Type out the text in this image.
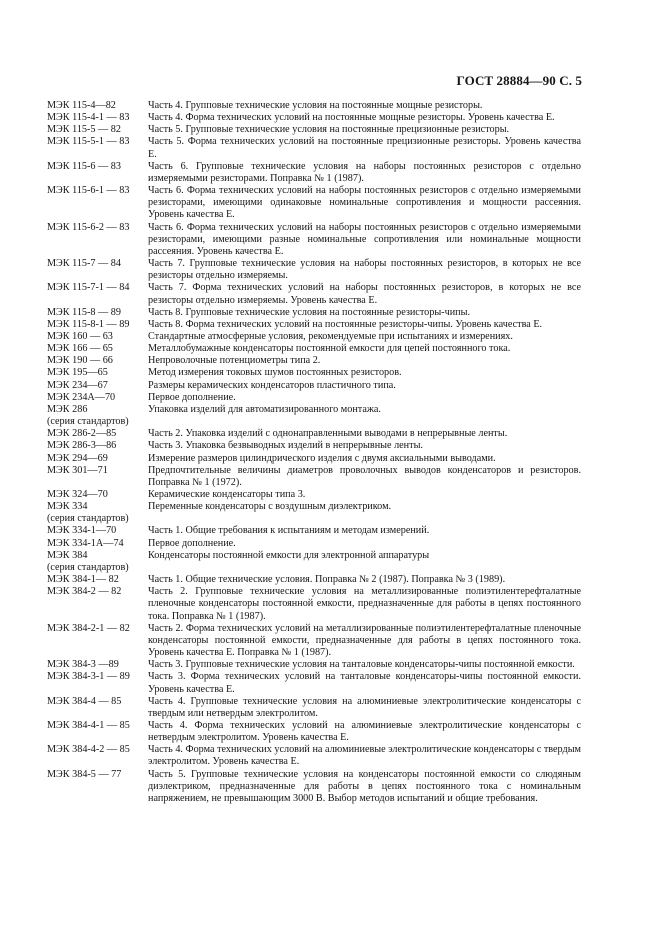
ГОСТ 28884—90 С. 5
МЭК 115-4—82	Часть 4. Групповые технические условия на постоянные мощные резисторы.
МЭК 115-4-1 — 83	Часть 4. Форма технических условий на постоянные мощные резисторы. Уровень качества Е.
МЭК 115-5 — 82	Часть 5. Групповые технические условия на постоянные прецизионные резисторы.
МЭК 115-5-1 — 83	Часть 5. Форма технических условий на постоянные прецизионные резисторы. Уровень качества Е.
МЭК 115-6 — 83	Часть 6. Групповые технические условия на наборы постоянных резисторов с отдельно измеряемыми резисторами. Поправка № 1 (1987).
МЭК 115-6-1 — 83	Часть 6. Форма технических условий на наборы постоянных резисторов с отдельно измеряемыми резисторами, имеющими одинаковые номинальные сопротивления и мощности рассеяния. Уровень качества Е.
МЭК 115-6-2 — 83	Часть 6. Форма технических условий на наборы постоянных резисторов с отдельно измеряемыми резисторами, имеющими разные номинальные сопротивления или номинальные мощности рассеяния. Уровень качества Е.
МЭК 115-7 — 84	Часть 7. Групповые технические условия на наборы постоянных резисторов, в которых не все резисторы отдельно измеряемы.
МЭК 115-7-1 — 84	Часть 7. Форма технических условий на наборы постоянных резисторов, в которых не все резисторы отдельно измеряемы. Уровень качества Е.
МЭК 115-8 — 89	Часть 8. Групповые технические условия на постоянные резисторы-чипы.
МЭК 115-8-1 — 89	Часть 8. Форма технических условий на постоянные резисторы-чипы. Уровень качества Е.
МЭК 160 — 63	Стандартные атмосферные условия, рекомендуемые при испытаниях и измерениях.
МЭК 166 — 65	Металлобумажные конденсаторы постоянной емкости для цепей постоянного тока.
МЭК 190 — 66	Непроволочные потенциометры типа 2.
МЭК 195—65	Метод измерения токовых шумов постоянных резисторов.
МЭК 234—67	Размеры керамических конденсаторов пластичного типа.
МЭК 234А—70	Первое дополнение.
МЭК 286	Упаковка изделий для автоматизированного монтажа.
(серия стандартов)
МЭК 286-2—85	Часть 2. Упаковка изделий с однонаправленными выводами в непрерывные ленты.
МЭК 286-3—86	Часть 3. Упаковка безвыводных изделий в непрерывные ленты.
МЭК 294—69	Измерение размеров цилиндрического изделия с двумя аксиальными выводами.
МЭК 301—71	Предпочтительные величины диаметров проволочных выводов конденсаторов и резисторов. Поправка № 1 (1972).
МЭК 324—70	Керамические конденсаторы типа 3.
МЭК 334	Переменные конденсаторы с воздушным диэлектриком.
(серия стандартов)
МЭК 334-1—70	Часть 1. Общие требования к испытаниям и методам измерений.
МЭК 334-1А—74	Первое дополнение.
МЭК 384	Конденсаторы постоянной емкости для электронной аппаратуры
(серия стандартов)
МЭК 384-1— 82	Часть 1. Общие технические условия. Поправка № 2 (1987). Поправка № 3 (1989).
МЭК 384-2 — 82	Часть 2. Групповые технические условия на металлизированные полиэтилентерефталатные пленочные конденсаторы постоянной емкости, предназначенные для работы в цепях постоянного тока. Поправка № 1 (1987).
МЭК 384-2-1 — 82	Часть 2. Форма технических условий на металлизированные полиэтилентерефталатные пленочные конденсаторы постоянной емкости, предназначенные для работы в цепях постоянного тока. Уровень качества Е. Поправка № 1 (1987).
МЭК 384-3 —89	Часть 3. Групповые технические условия на танталовые конденсаторы-чипы постоянной емкости.
МЭК 384-3-1 — 89	Часть 3. Форма технических условий на танталовые конденсаторы-чипы постоянной емкости. Уровень качества Е.
МЭК 384-4 — 85	Часть 4. Групповые технические условия на алюминиевые электролитические конденсаторы с твердым или нетвердым электролитом.
МЭК 384-4-1 — 85	Часть 4. Форма технических условий на алюминиевые электролитические конденсаторы с нетвердым электролитом. Уровень качества Е.
МЭК 384-4-2 — 85	Часть 4. Форма технических условий на алюминиевые электролитические конденсаторы с твердым электролитом. Уровень качества Е.
МЭК 384-5 — 77	Часть 5. Групповые технические условия на конденсаторы постоянной емкости со слюдяным диэлектриком, предназначенные для работы в цепях постоянного тока с номинальным напряжением, не превышающим 3000 В. Выбор методов испытаний и общие требования.
